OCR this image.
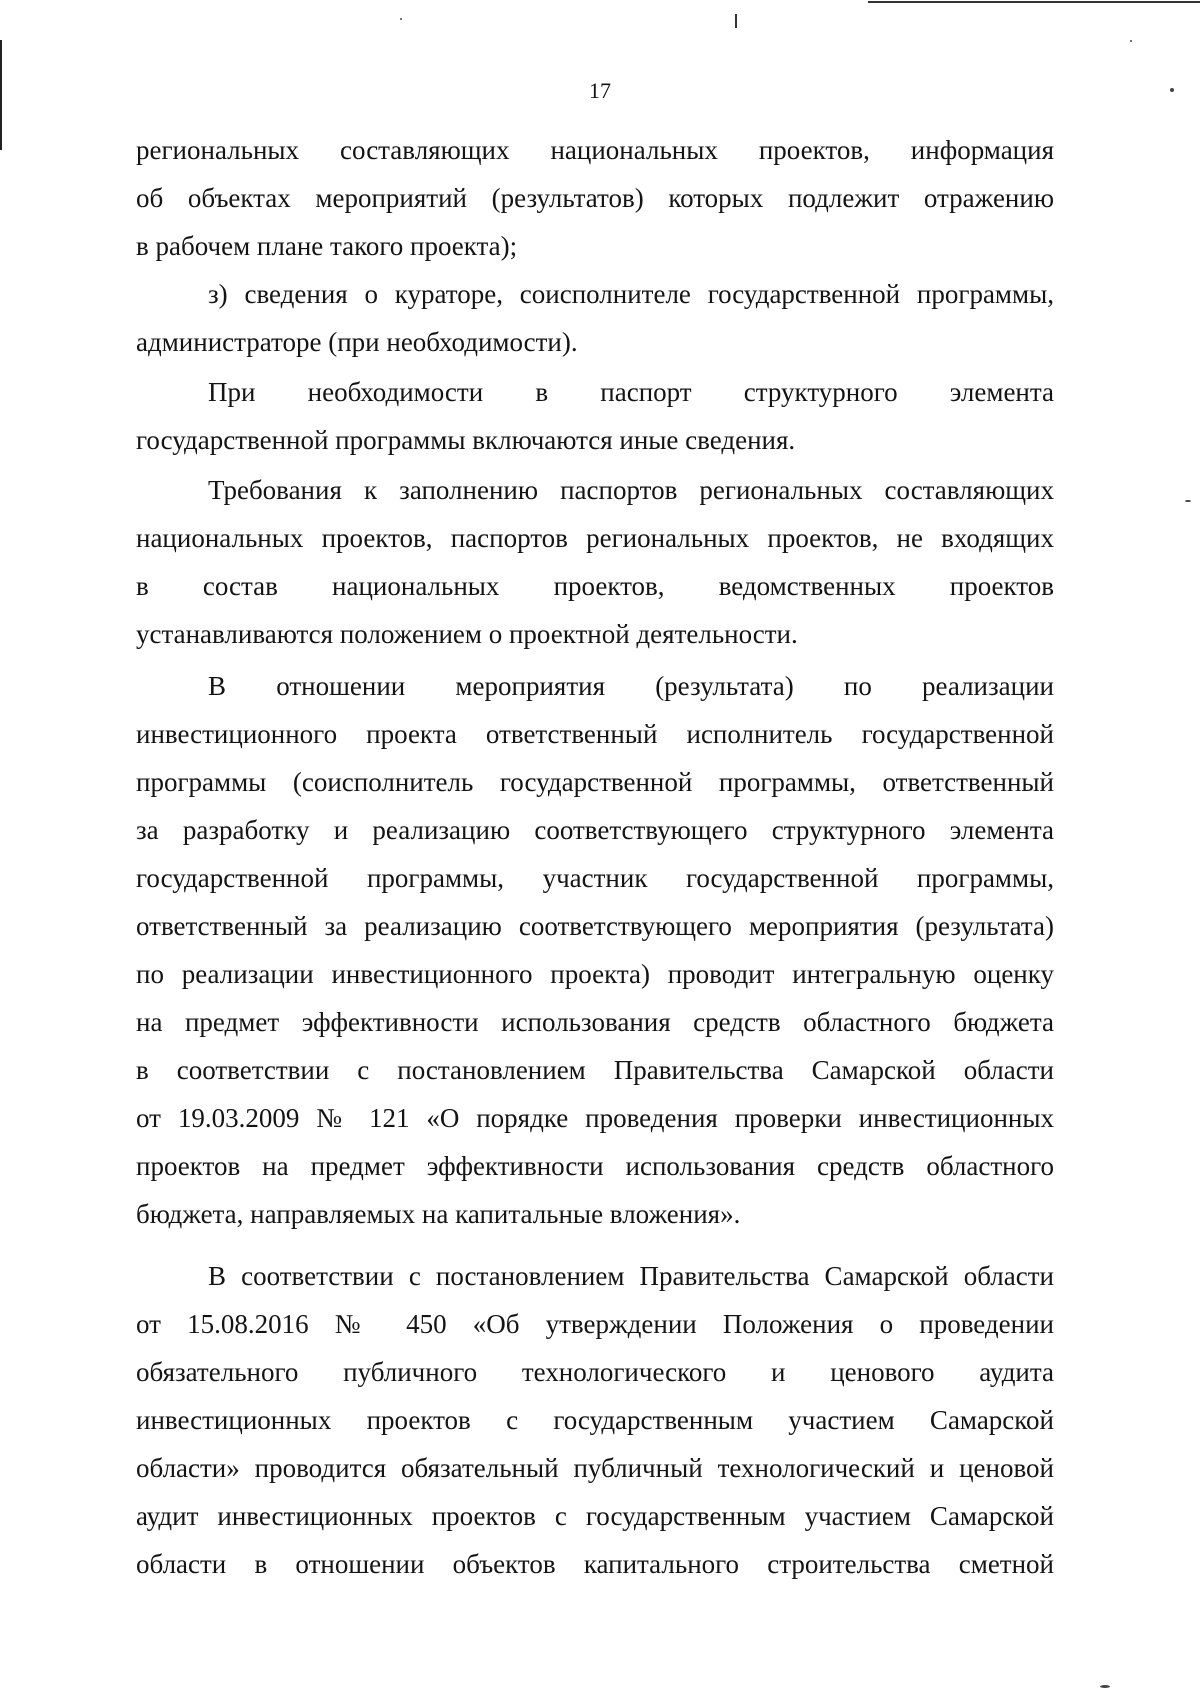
17

региональных составляющих национальных проектов, информация

об объектах мероприятий (результатов) которых подлежит отражению

в рабочем плане такого проекта);

з) сведения о кураторе, соисполнителе государственной программы,

администраторе (при необходимости).

При необходимости в паспорт структурного элемента

государственной программы включаются иные сведения.

Требования к заполнению паспортов региональных составляющих

национальных проектов, паспортов региональных проектов, не входящих

в состав национальных проектов, ведомственных проектов

устанавливаются положением о проектной деятельности.

В отношении мероприятия (результата) по реализации

инвестиционного проекта ответственный исполнитель государственной

программы (соисполнитель государственной программы, ответственный

за разработку и реализацию соответствующего структурного элемента

государственной программы, участник государственной программы,

ответственный за реализацию соответствующего мероприятия (результата)

по реализации инвестиционного проекта) проводит интегральную оценку

на предмет эффективности использования средств областного бюджета

в соответствии с постановлением Правительства Самарской области

от 19.03.2009 № 121 «О порядке проведения проверки инвестиционных

проектов на предмет эффективности использования средств областного

бюджета, направляемых на капитальные вложения».

В соответствии с постановлением Правительства Самарской области

от 15.08.2016 № 450 «Об утверждении Положения о проведении

обязательного публичного технологического и ценового аудита

инвестиционных проектов с государственным участием Самарской

области» проводится обязательный публичный технологический и ценовой

аудит инвестиционных проектов с государственным участием Самарской

области в отношении объектов капитального строительства сметной
